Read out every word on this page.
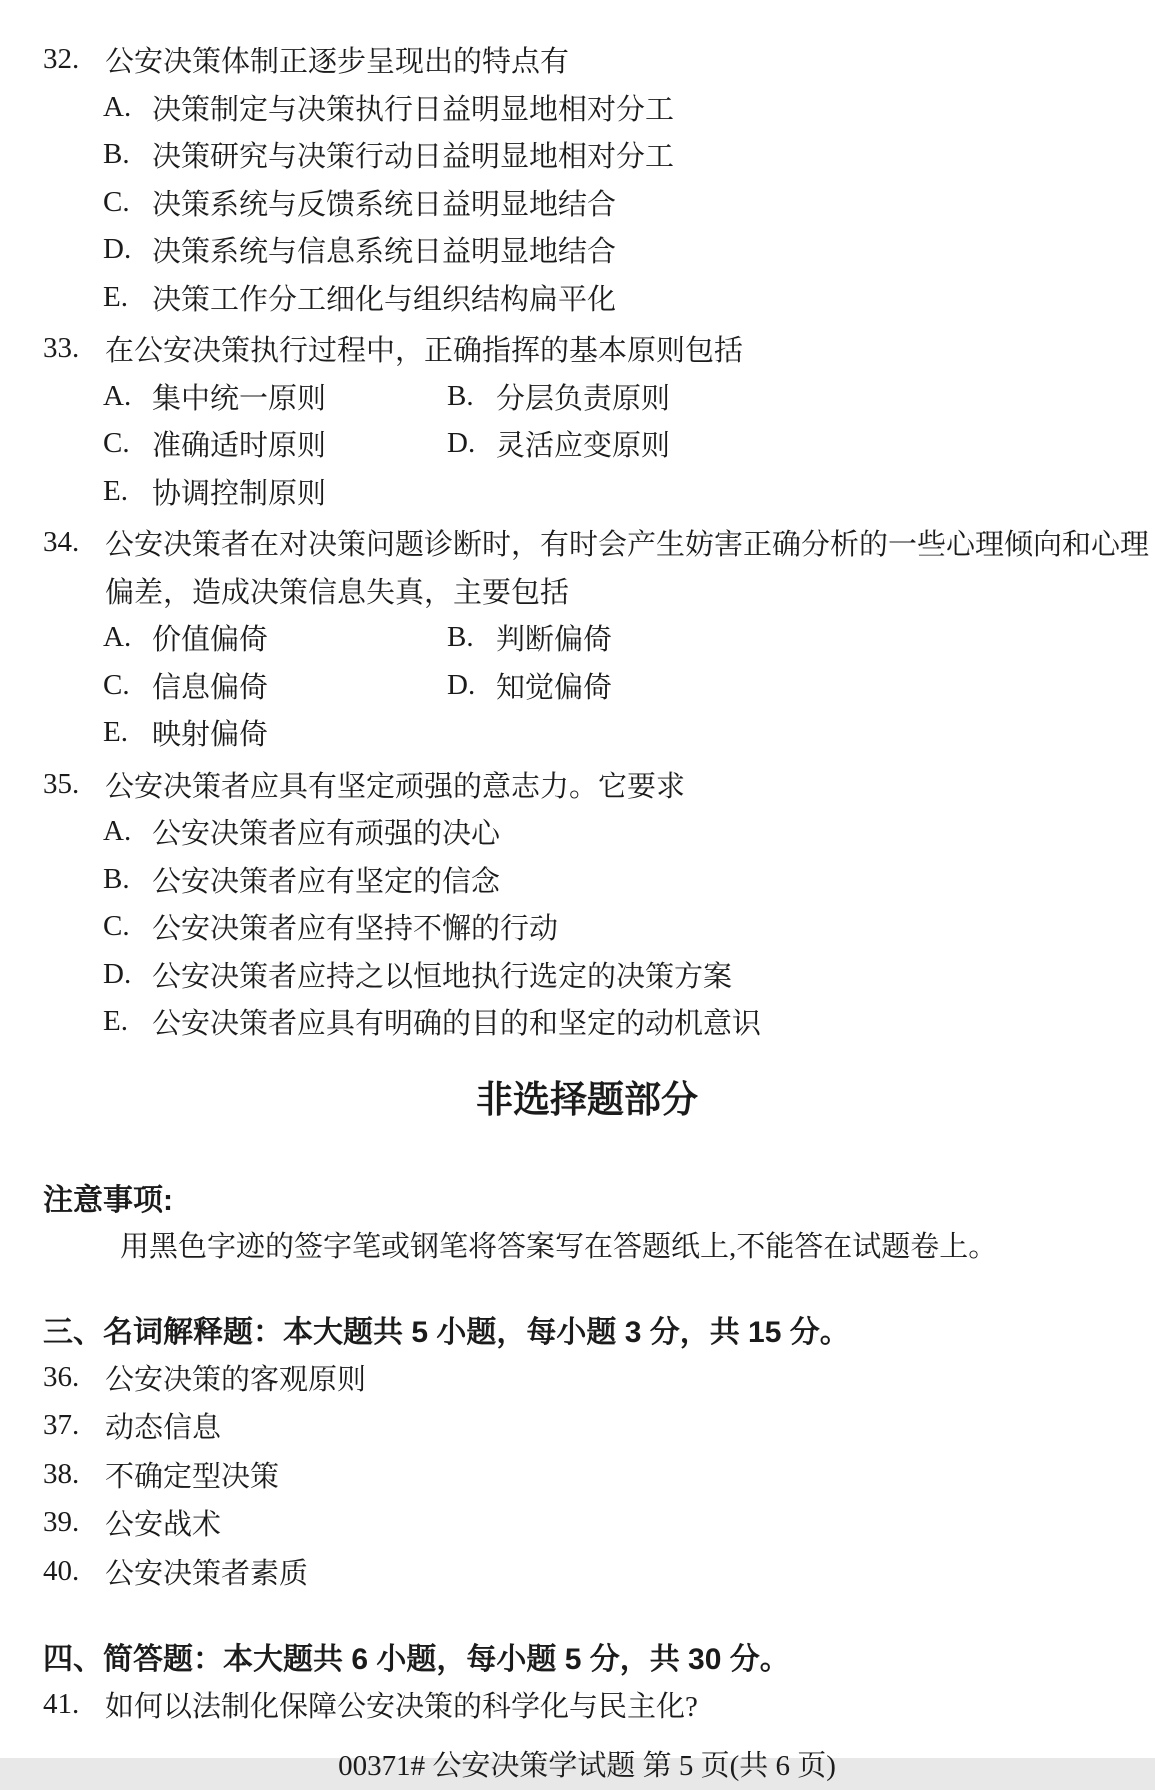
32. 公安决策体制正逐步呈现出的特点有
A. 决策制定与决策执行日益明显地相对分工
B. 决策研究与决策行动日益明显地相对分工
C. 决策系统与反馈系统日益明显地结合
D. 决策系统与信息系统日益明显地结合
E. 决策工作分工细化与组织结构扁平化
33. 在公安决策执行过程中，正确指挥的基本原则包括
A. 集中统一原则	B. 分层负责原则
C. 准确适时原则	D. 灵活应变原则
E. 协调控制原则
34. 公安决策者在对决策问题诊断时，有时会产生妨害正确分析的一些心理倾向和心理
偏差，造成决策信息失真，主要包括
A. 价值偏倚	B. 判断偏倚
C. 信息偏倚	D. 知觉偏倚
E. 映射偏倚
35. 公安决策者应具有坚定顽强的意志力。它要求
A. 公安决策者应有顽强的决心
B. 公安决策者应有坚定的信念
C. 公安决策者应有坚持不懈的行动
D. 公安决策者应持之以恒地执行选定的决策方案
E. 公安决策者应具有明确的目的和坚定的动机意识
非选择题部分
注意事项:
用黑色字迹的签字笔或钢笔将答案写在答题纸上,不能答在试题卷上。
三、名词解释题：本大题共 5 小题，每小题 3 分，共 15 分。
36. 公安决策的客观原则
37. 动态信息
38. 不确定型决策
39. 公安战术
40. 公安决策者素质
四、简答题：本大题共 6 小题，每小题 5 分，共 30 分。
41. 如何以法制化保障公安决策的科学化与民主化?
00371# 公安决策学试题 第 5 页(共 6 页)
